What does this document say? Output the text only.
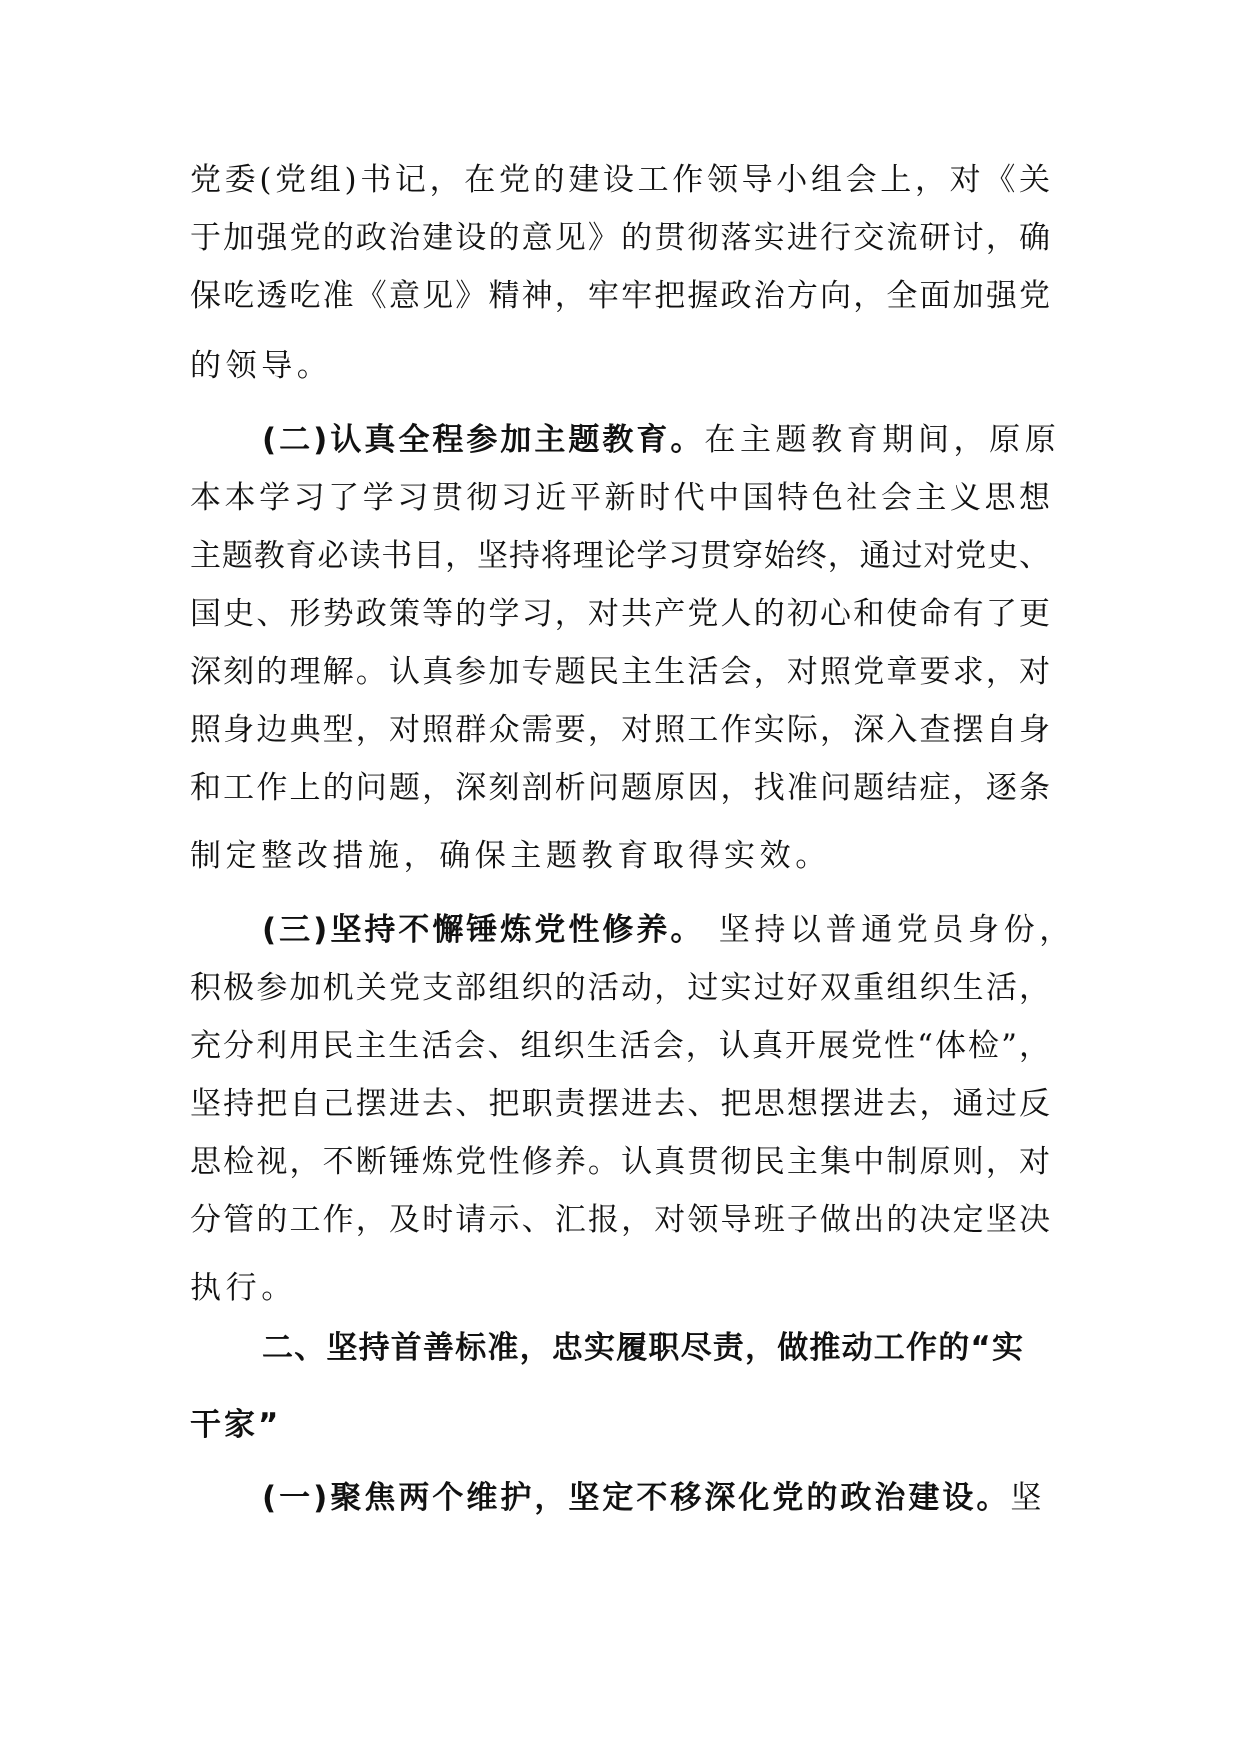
党委(党组)书记，在党的建设工作领导小组会上，对《关

于加强党的政治建设的意见》的贯彻落实进行交流研讨，确

保吃透吃准《意见》精神，牢牢把握政治方向，全面加强党

的领导。

(二)认真全程参加主题教育。在主题教育期间，原原

本本学习了学习贯彻习近平新时代中国特色社会主义思想

主题教育必读书目，坚持将理论学习贯穿始终，通过对党史、

国史、形势政策等的学习，对共产党人的初心和使命有了更

深刻的理解。认真参加专题民主生活会，对照党章要求，对

照身边典型，对照群众需要，对照工作实际，深入查摆自身

和工作上的问题，深刻剖析问题原因，找准问题结症，逐条

制定整改措施，确保主题教育取得实效。

(三)坚持不懈锤炼党性修养。 坚持以普通党员身份，

积极参加机关党支部组织的活动，过实过好双重组织生活，

充分利用民主生活会、组织生活会，认真开展党性“体检”，

坚持把自己摆进去、把职责摆进去、把思想摆进去，通过反

思检视，不断锤炼党性修养。认真贯彻民主集中制原则，对

分管的工作，及时请示、汇报，对领导班子做出的决定坚决

执行。

二、坚持首善标准，忠实履职尽责，做推动工作的“实

干家”

(一)聚焦两个维护，坚定不移深化党的政治建设。坚
